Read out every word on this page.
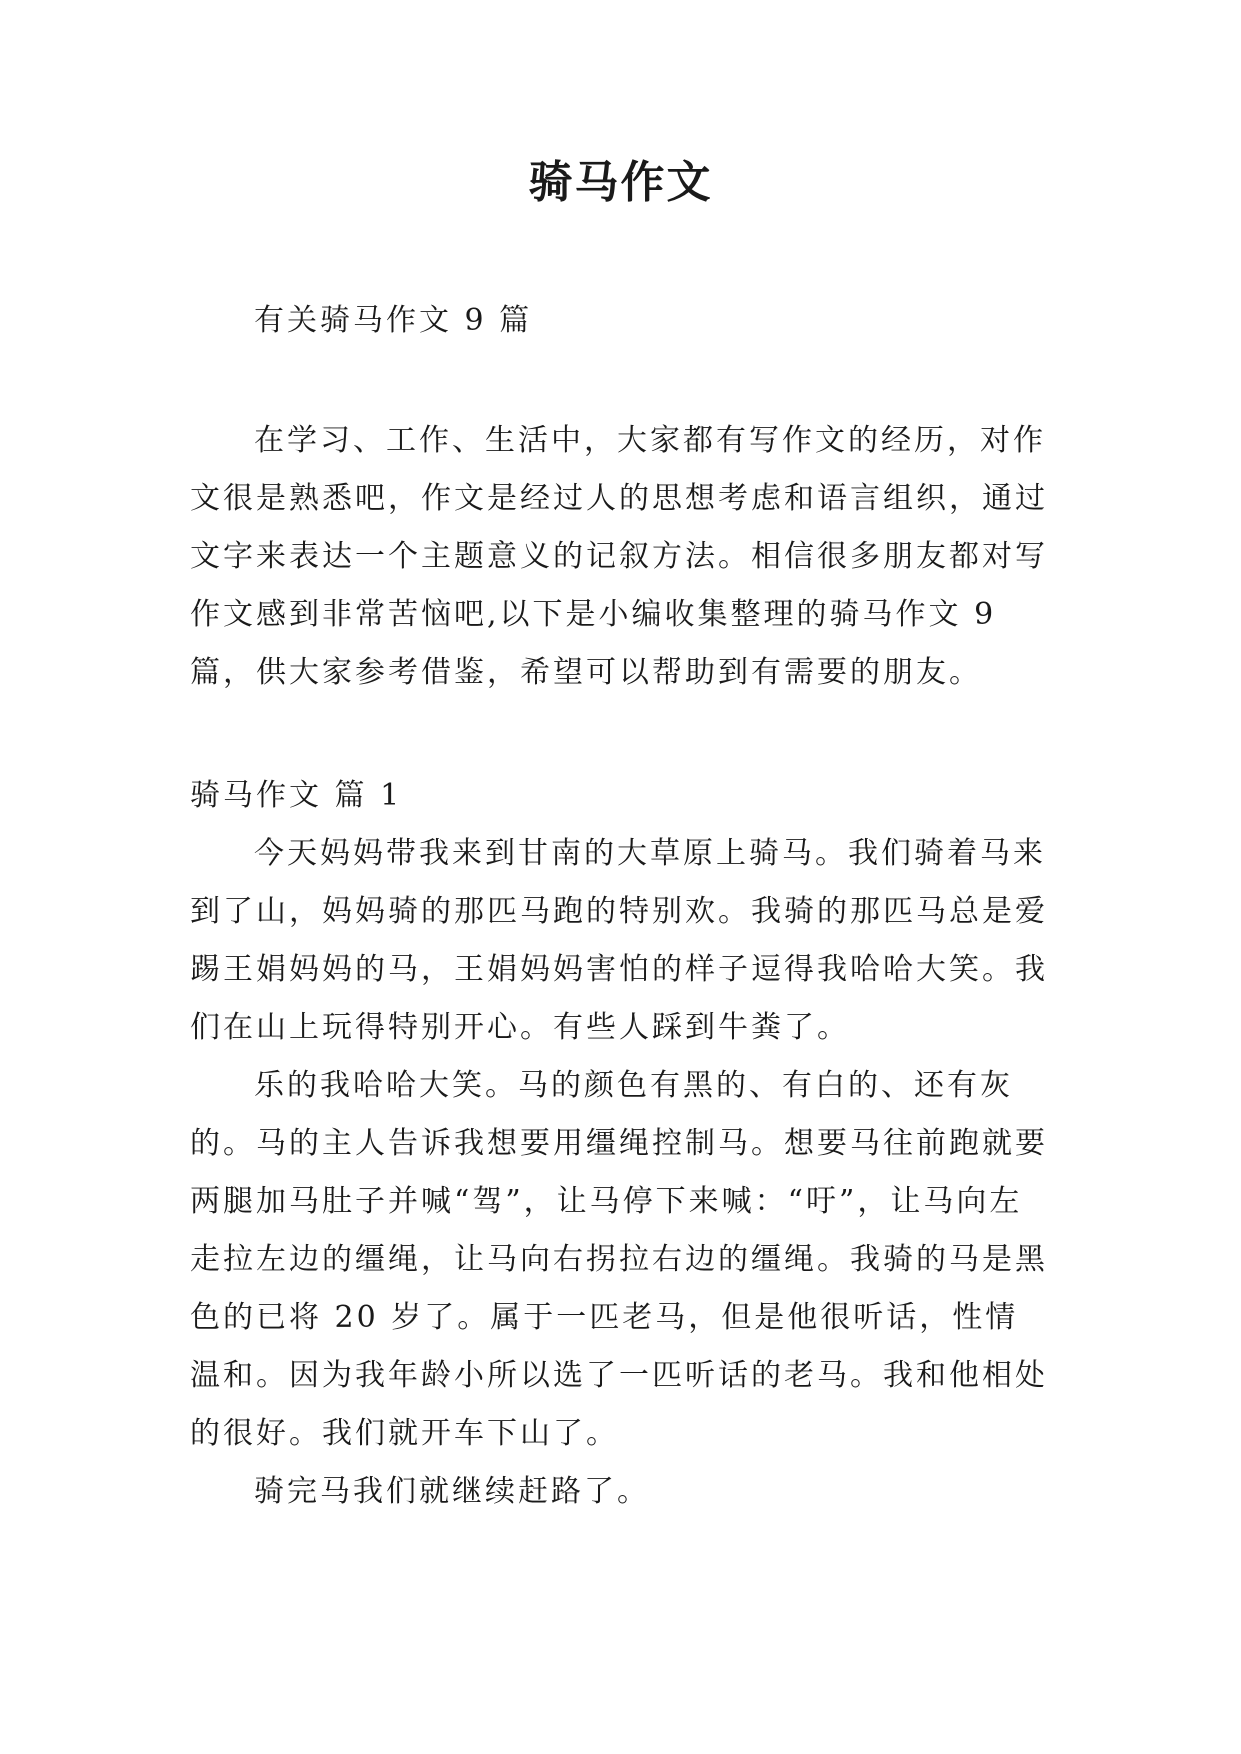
骑马作文

有关骑马作文 9 篇

在学习、工作、生活中，大家都有写作文的经历，对作文很是熟悉吧，作文是经过人的思想考虑和语言组织，通过文字来表达一个主题意义的记叙方法。相信很多朋友都对写作文感到非常苦恼吧,以下是小编收集整理的骑马作文 9 篇，供大家参考借鉴，希望可以帮助到有需要的朋友。

骑马作文 篇 1

今天妈妈带我来到甘南的大草原上骑马。我们骑着马来到了山，妈妈骑的那匹马跑的特别欢。我骑的那匹马总是爱踢王娟妈妈的马，王娟妈妈害怕的样子逗得我哈哈大笑。我们在山上玩得特别开心。有些人踩到牛粪了。

乐的我哈哈大笑。马的颜色有黑的、有白的、还有灰的。马的主人告诉我想要用缰绳控制马。想要马往前跑就要两腿加马肚子并喊“驾”，让马停下来喊：“吁”，让马向左走拉左边的缰绳，让马向右拐拉右边的缰绳。我骑的马是黑色的已将 20 岁了。属于一匹老马，但是他很听话，性情温和。因为我年龄小所以选了一匹听话的老马。我和他相处的很好。我们就开车下山了。

骑完马我们就继续赶路了。
